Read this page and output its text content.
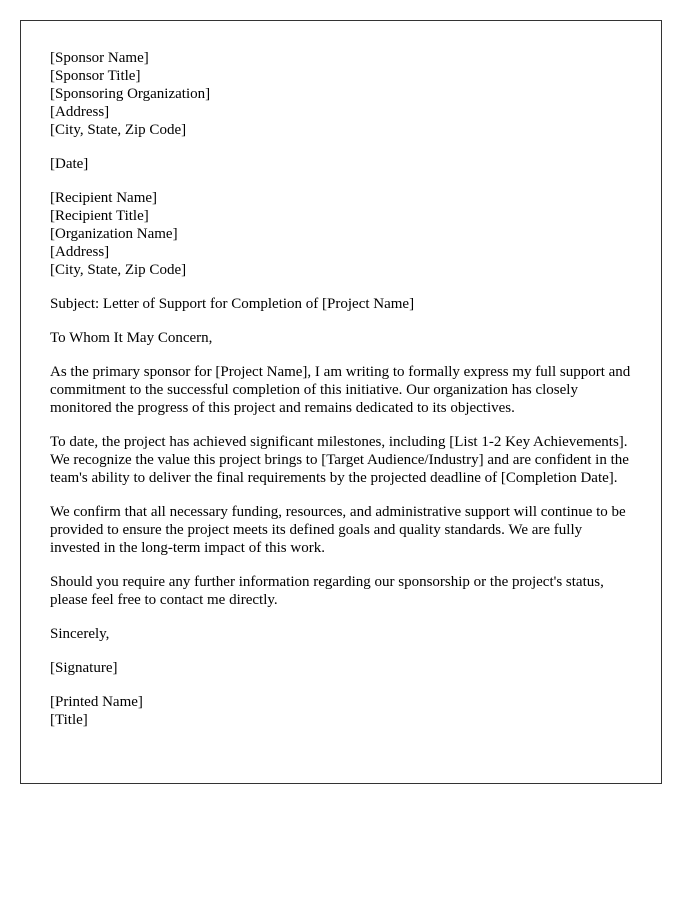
[Sponsor Name]
[Sponsor Title]
[Sponsoring Organization]
[Address]
[City, State, Zip Code]
[Date]
[Recipient Name]
[Recipient Title]
[Organization Name]
[Address]
[City, State, Zip Code]

Subject: Letter of Support for Completion of [Project Name]

To Whom It May Concern,

As the primary sponsor for [Project Name], I am writing to formally express my full support and commitment to the successful completion of this initiative. Our organization has closely monitored the progress of this project and remains dedicated to its objectives.

To date, the project has achieved significant milestones, including [List 1-2 Key Achievements]. We recognize the value this project brings to [Target Audience/Industry] and are confident in the team's ability to deliver the final requirements by the projected deadline of [Completion Date].

We confirm that all necessary funding, resources, and administrative support will continue to be provided to ensure the project meets its defined goals and quality standards. We are fully invested in the long-term impact of this work.

Should you require any further information regarding our sponsorship or the project's status, please feel free to contact me directly.

Sincerely,

[Signature]

[Printed Name]
[Title]
